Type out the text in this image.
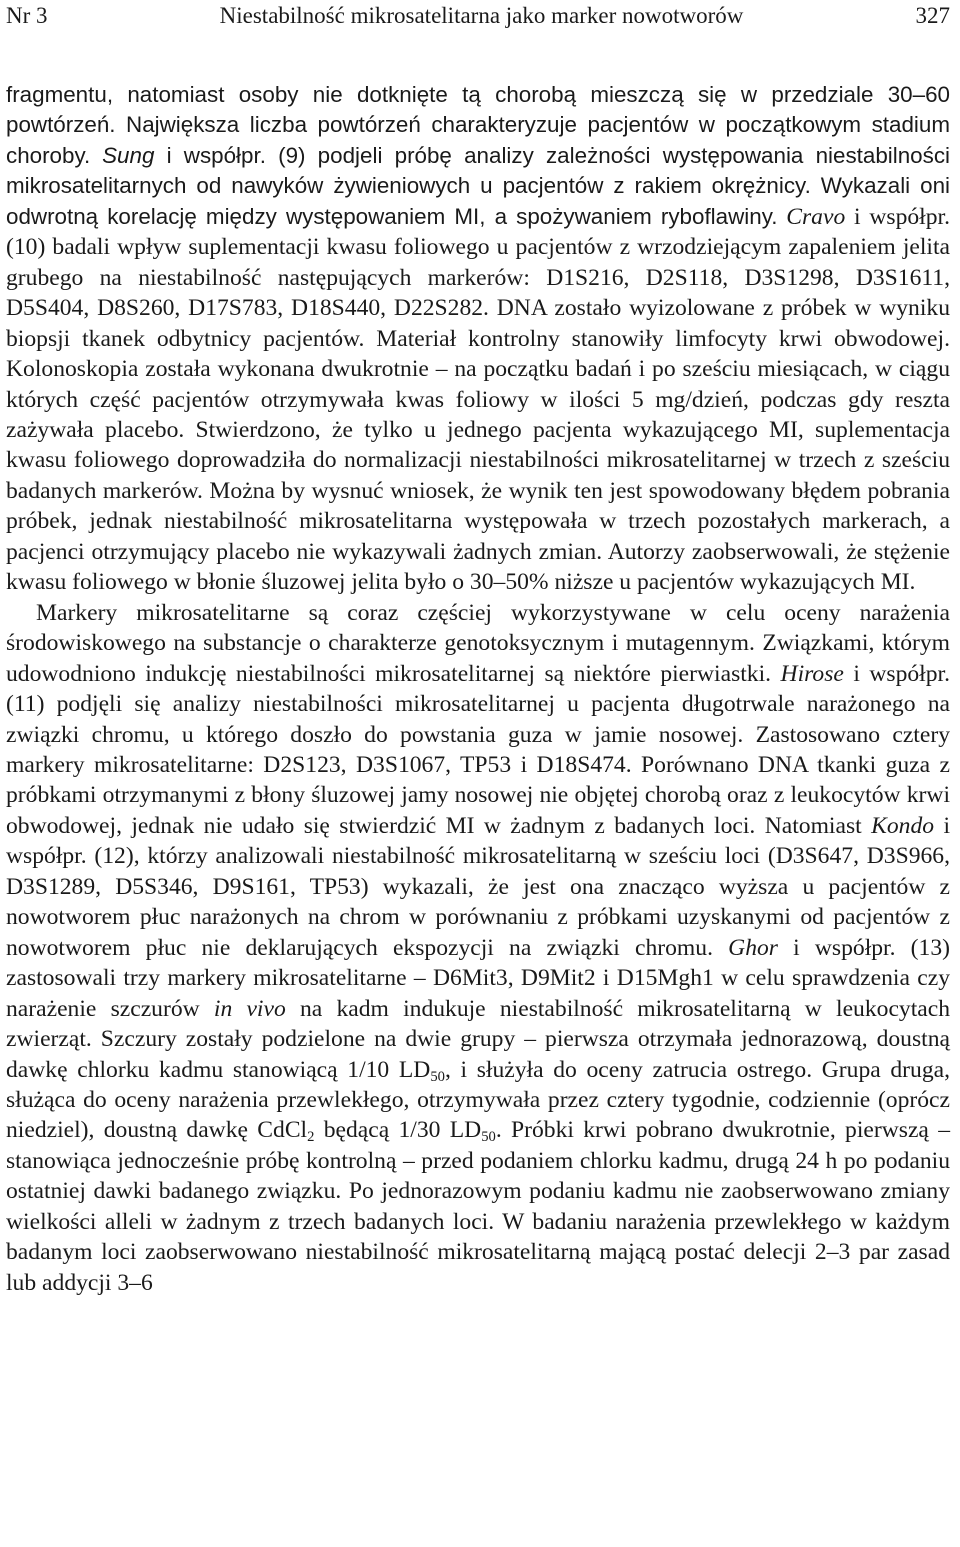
Nr 3	Niestabilność mikrosatelitarna jako marker nowotworów	327

fragmentu, natomiast osoby nie dotknięte tą chorobą mieszczą się w przedziale 30–60 powtórzeń. Największa liczba powtórzeń charakteryzuje pacjentów w początkowym stadium choroby. Sung i współpr. (9) podjeli próbę analizy zależności występowania niestabilności mikrosatelitarnych od nawyków żywieniowych u pacjentów z rakiem okrężnicy. Wykazali oni odwrotną korelację między występowaniem MI, a spożywaniem ryboflawiny. Cravo i współpr. (10) badali wpływ suplementacji kwasu foliowego u pacjentów z wrzodziejącym zapaleniem jelita grubego na niestabilność następujących markerów: D1S216, D2S118, D3S1298, D3S1611, D5S404, D8S260, D17S783, D18S440, D22S282. DNA zostało wyizolowane z próbek w wyniku biopsji tkanek odbytnicy pacjentów. Materiał kontrolny stanowiły limfocyty krwi obwodowej. Kolonoskopia została wykonana dwukrotnie – na początku badań i po sześciu miesiącach, w ciągu których część pacjentów otrzymywała kwas foliowy w ilości 5 mg/dzień, podczas gdy reszta zażywała placebo. Stwierdzono, że tylko u jednego pacjenta wykazującego MI, suplementacja kwasu foliowego doprowadziła do normalizacji niestabilności mikrosatelitarnej w trzech z sześciu badanych markerów. Można by wysnuć wniosek, że wynik ten jest spowodowany błędem pobrania próbek, jednak niestabilność mikrosatelitarna występowała w trzech pozostałych markerach, a pacjenci otrzymujący placebo nie wykazywali żadnych zmian. Autorzy zaobserwowali, że stężenie kwasu foliowego w błonie śluzowej jelita było o 30–50% niższe u pacjentów wykazujących MI.

Markery mikrosatelitarne są coraz częściej wykorzystywane w celu oceny narażenia środowiskowego na substancje o charakterze genotoksycznym i mutagennym. Związkami, którym udowodniono indukcję niestabilności mikrosatelitarnej są niektóre pierwiastki. Hirose i współpr. (11) podjęli się analizy niestabilności mikrosatelitarnej u pacjenta długotrwale narażonego na związki chromu, u którego doszło do powstania guza w jamie nosowej. Zastosowano cztery markery mikrosatelitarne: D2S123, D3S1067, TP53 i D18S474. Porównano DNA tkanki guza z próbkami otrzymanymi z błony śluzowej jamy nosowej nie objętej chorobą oraz z leukocytów krwi obwodowej, jednak nie udało się stwierdzić MI w żadnym z badanych loci. Natomiast Kondo i współpr. (12), którzy analizowali niestabilność mikrosatelitarną w sześciu loci (D3S647, D3S966, D3S1289, D5S346, D9S161, TP53) wykazali, że jest ona znacząco wyższa u pacjentów z nowotworem płuc narażonych na chrom w porównaniu z próbkami uzyskanymi od pacjentów z nowotworem płuc nie deklarujących ekspozycji na związki chromu. Ghor i współpr. (13) zastosowali trzy markery mikrosatelitarne – D6Mit3, D9Mit2 i D15Mgh1 w celu sprawdzenia czy narażenie szczurów in vivo na kadm indukuje niestabilność mikrosatelitarną w leukocytach zwierząt. Szczury zostały podzielone na dwie grupy – pierwsza otrzymała jednorazową, doustną dawkę chlorku kadmu stanowiącą 1/10 $LD_{50}$, i służyła do oceny zatrucia ostrego. Grupa druga, służąca do oceny narażenia przewlekłego, otrzymywała przez cztery tygodnie, codziennie (oprócz niedziel), doustną dawkę CdCl$_2$ będącą 1/30 $LD_{50}$. Próbki krwi pobrano dwukrotnie, pierwszą – stanowiąca jednocześnie próbę kontrolną – przed podaniem chlorku kadmu, drugą 24 h po podaniu ostatniej dawki badanego związku. Po jednorazowym podaniu kadmu nie zaobserwowano zmiany wielkości alleli w żadnym z trzech badanych loci. W badaniu narażenia przewlekłego w każdym badanym loci zaobserwowano niestabilność mikrosatelitarną mającą postać delecji 2–3 par zasad lub addycji 3–6
